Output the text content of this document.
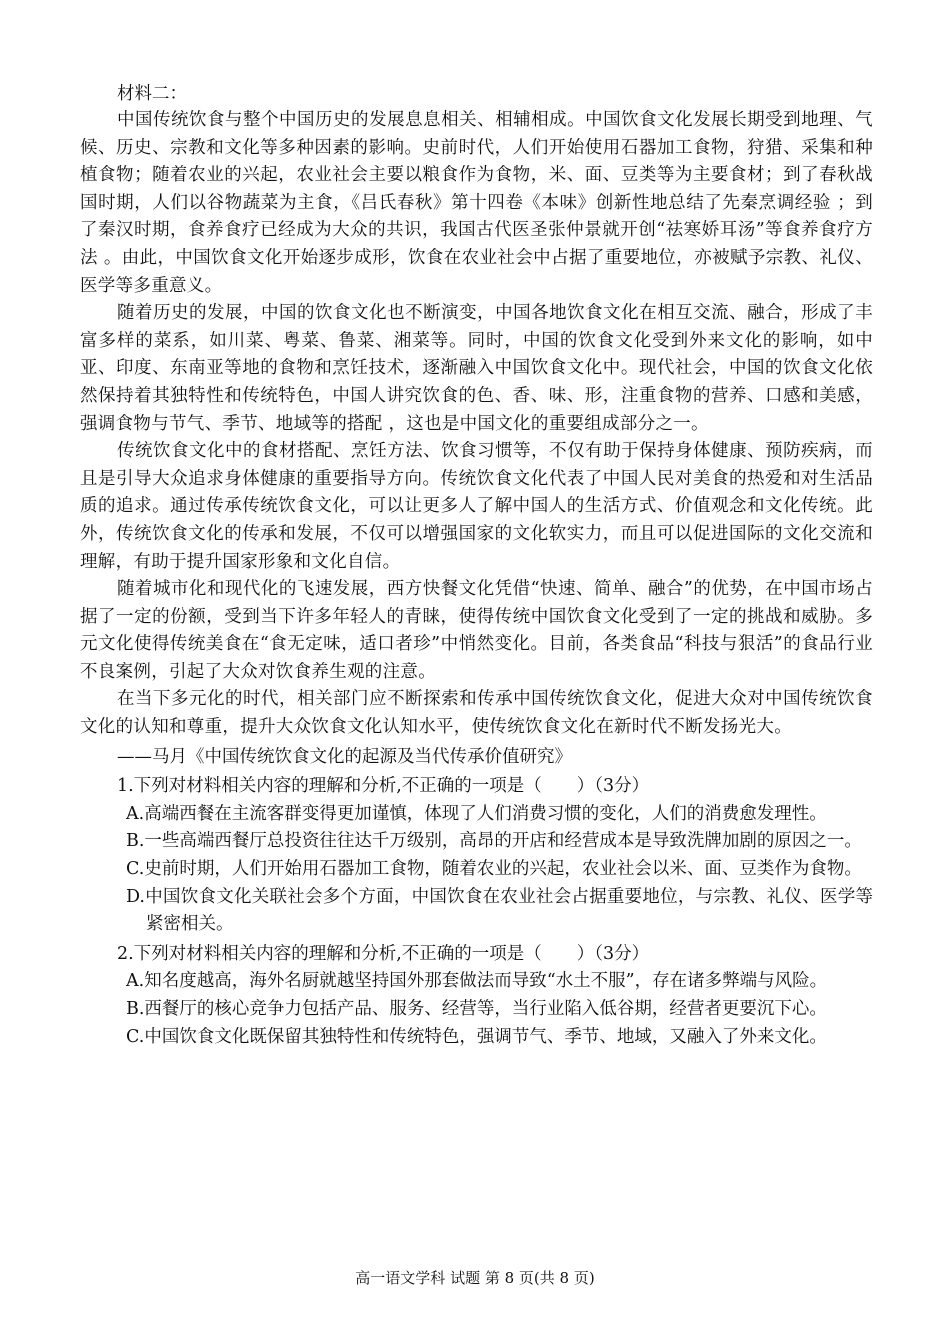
材料二：

中国传统饮食与整个中国历史的发展息息相关、相辅相成。中国饮食文化发展长期受到地理、气候、历史、宗教和文化等多种因素的影响。史前时代，人们开始使用石器加工食物，狩猎、采集和种植食物；随着农业的兴起，农业社会主要以粮食作为食物，米、面、豆类等为主要食材；到了春秋战国时期，人们以谷物蔬菜为主食，《吕氏春秋》第十四卷《本味》创新性地总结了先秦烹调经验 ；到了秦汉时期，食养食疗已经成为大众的共识，我国古代医圣张仲景就开创“祛寒娇耳汤”等食养食疗方法 。由此，中国饮食文化开始逐步成形，饮食在农业社会中占据了重要地位，亦被赋予宗教、礼仪、医学等多重意义。

随着历史的发展，中国的饮食文化也不断演变，中国各地饮食文化在相互交流、融合，形成了丰富多样的菜系，如川菜、粤菜、鲁菜、湘菜等。同时，中国的饮食文化受到外来文化的影响，如中亚、印度、东南亚等地的食物和烹饪技术，逐渐融入中国饮食文化中。现代社会，中国的饮食文化依然保持着其独特性和传统特色，中国人讲究饮食的色、香、味、形，注重食物的营养、口感和美感，强调食物与节气、季节、地域等的搭配 ，这也是中国文化的重要组成部分之一。

传统饮食文化中的食材搭配、烹饪方法、饮食习惯等，不仅有助于保持身体健康、预防疾病，而且是引导大众追求身体健康的重要指导方向。传统饮食文化代表了中国人民对美食的热爱和对生活品质的追求。通过传承传统饮食文化，可以让更多人了解中国人的生活方式、价值观念和文化传统。此外，传统饮食文化的传承和发展，不仅可以增强国家的文化软实力，而且可以促进国际的文化交流和理解，有助于提升国家形象和文化自信。

随着城市化和现代化的飞速发展，西方快餐文化凭借“快速、简单、融合”的优势，在中国市场占据了一定的份额，受到当下许多年轻人的青睐，使得传统中国饮食文化受到了一定的挑战和威胁。多元文化使得传统美食在“食无定味，适口者珍”中悄然变化。目前，各类食品“科技与狠活”的食品行业不良案例，引起了大众对饮食养生观的注意。

在当下多元化的时代，相关部门应不断探索和传承中国传统饮食文化，促进大众对中国传统饮食文化的认知和尊重，提升大众饮食文化认知水平，使传统饮食文化在新时代不断发扬光大。

——马月《中国传统饮食文化的起源及当代传承价值研究》
1.下列对材料相关内容的理解和分析,不正确的一项是（　　）（3分）
A.高端西餐在主流客群变得更加谨慎，体现了人们消费习惯的变化，人们的消费愈发理性。
B.一些高端西餐厅总投资往往达千万级别，高昂的开店和经营成本是导致洗牌加剧的原因之一。
C.史前时期，人们开始用石器加工食物，随着农业的兴起，农业社会以米、面、豆类作为食物。
D.中国饮食文化关联社会多个方面，中国饮食在农业社会占据重要地位，与宗教、礼仪、医学等紧密相关。
2.下列对材料相关内容的理解和分析,不正确的一项是（　　）（3分）
A.知名度越高，海外名厨就越坚持国外那套做法而导致“水土不服”，存在诸多弊端与风险。
B.西餐厅的核心竞争力包括产品、服务、经营等，当行业陷入低谷期，经营者更要沉下心。
C.中国饮食文化既保留其独特性和传统特色，强调节气、季节、地域，又融入了外来文化。
高一语文学科 试题 第 8 页(共 8 页)
